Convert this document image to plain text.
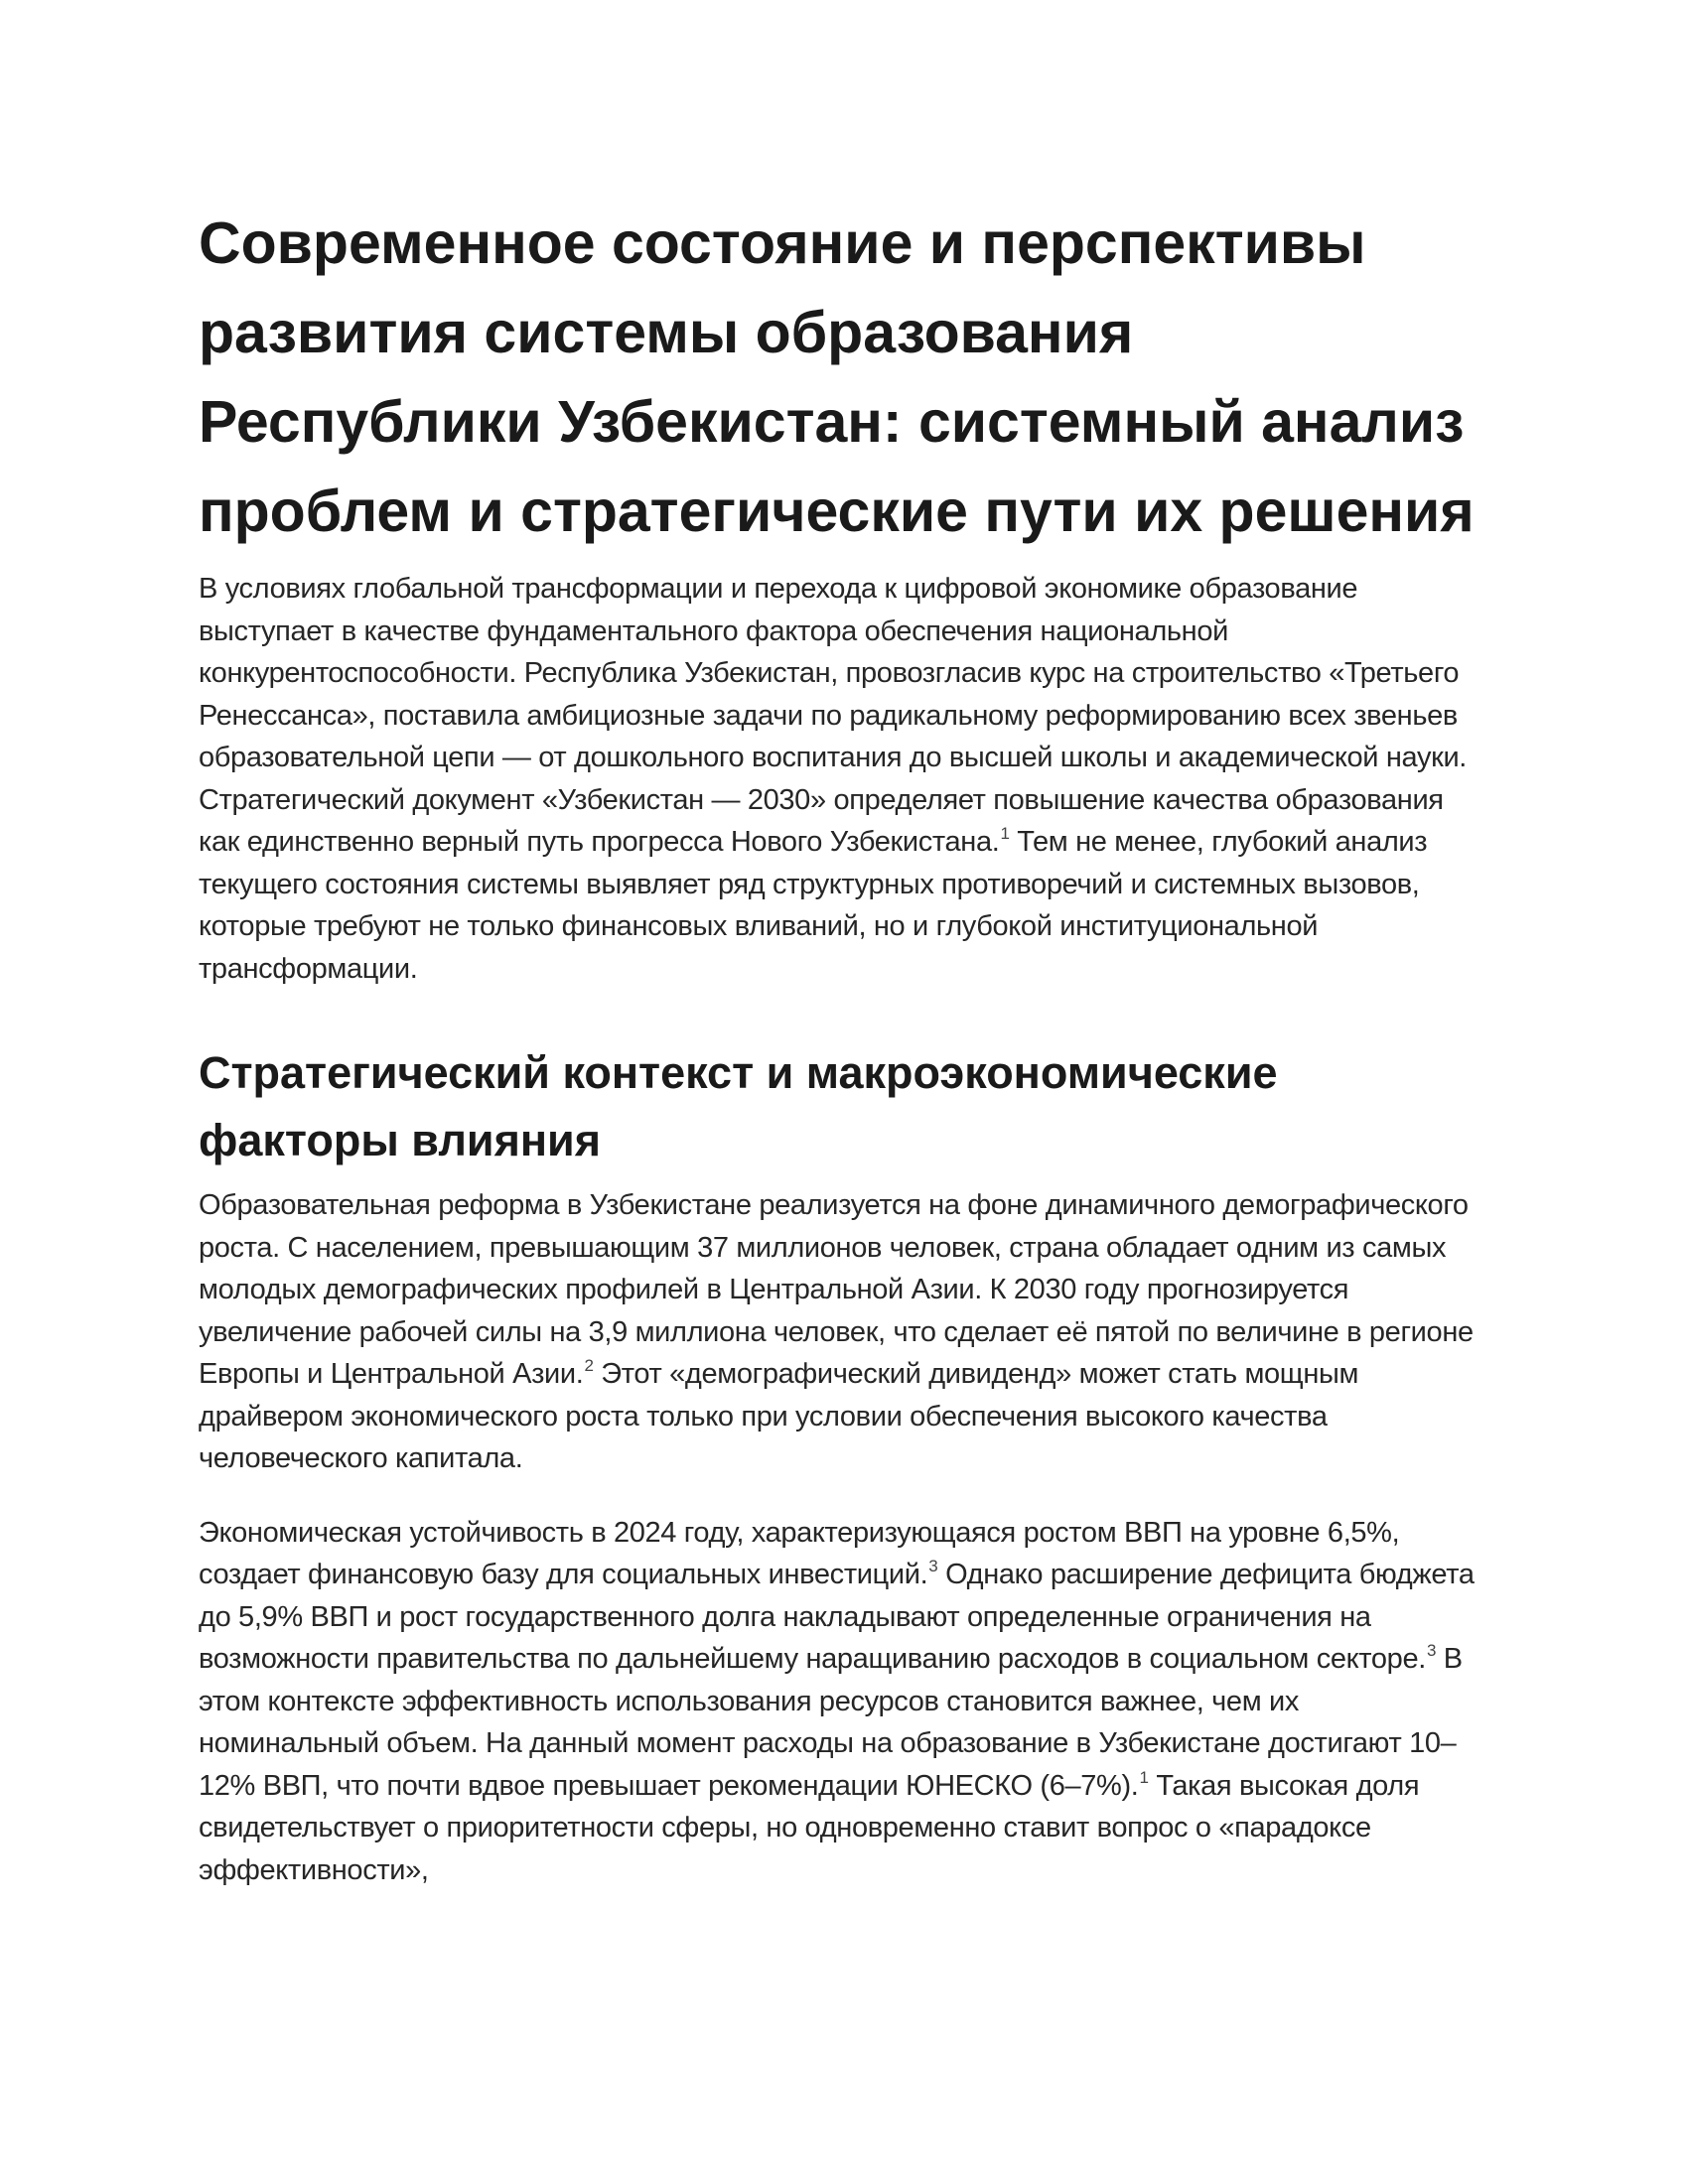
Современное состояние и перспективы развития системы образования Республики Узбекистан: системный анализ проблем и стратегические пути их решения

В условиях глобальной трансформации и перехода к цифровой экономике образование выступает в качестве фундаментального фактора обеспечения национальной конкурентоспособности. Республика Узбекистан, провозгласив курс на строительство «Третьего Ренессанса», поставила амбициозные задачи по радикальному реформированию всех звеньев образовательной цепи — от дошкольного воспитания до высшей школы и академической науки. Стратегический документ «Узбекистан — 2030» определяет повышение качества образования как единственно верный путь прогресса Нового Узбекистана.$^1$ Тем не менее, глубокий анализ текущего состояния системы выявляет ряд структурных противоречий и системных вызовов, которые требуют не только финансовых вливаний, но и глубокой институциональной трансформации.

Стратегический контекст и макроэкономические факторы влияния

Образовательная реформа в Узбекистане реализуется на фоне динамичного демографического роста. С населением, превышающим 37 миллионов человек, страна обладает одним из самых молодых демографических профилей в Центральной Азии. К 2030 году прогнозируется увеличение рабочей силы на 3,9 миллиона человек, что сделает её пятой по величине в регионе Европы и Центральной Азии.$^2$ Этот «демографический дивиденд» может стать мощным драйвером экономического роста только при условии обеспечения высокого качества человеческого капитала.

Экономическая устойчивость в 2024 году, характеризующаяся ростом ВВП на уровне 6,5%, создает финансовую базу для социальных инвестиций.$^3$ Однако расширение дефицита бюджета до 5,9% ВВП и рост государственного долга накладывают определенные ограничения на возможности правительства по дальнейшему наращиванию расходов в социальном секторе.$^3$ В этом контексте эффективность использования ресурсов становится важнее, чем их номинальный объем. На данный момент расходы на образование в Узбекистане достигают 10–12% ВВП, что почти вдвое превышает рекомендации ЮНЕСКО (6–7%).$^1$ Такая высокая доля свидетельствует о приоритетности сферы, но одновременно ставит вопрос о «парадоксе эффективности»,
